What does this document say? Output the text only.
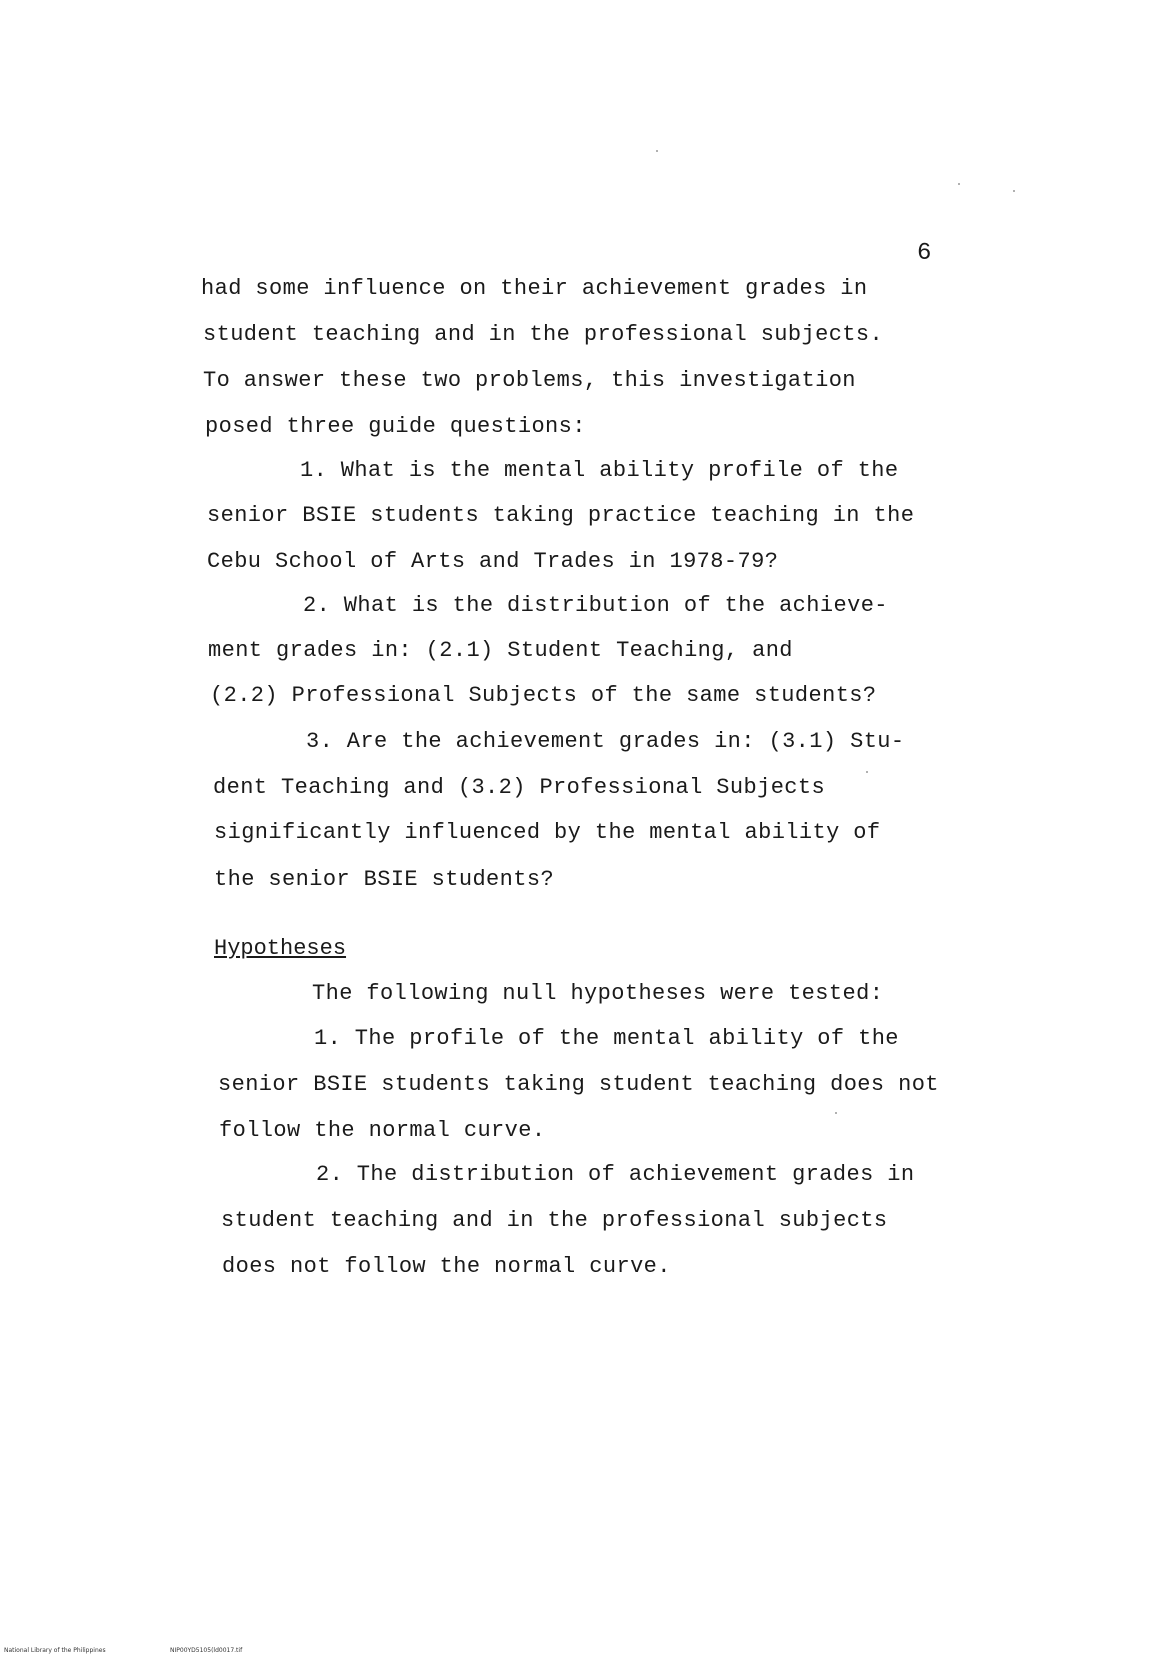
6
had some influence on their achievement grades in
student teaching and in the professional subjects.
To answer these two problems, this investigation
posed three guide questions:
1. What is the mental ability profile of the
senior BSIE students taking practice teaching in the
Cebu School of Arts and Trades in 1978-79?
2. What is the distribution of the achieve-
ment grades in: (2.1) Student Teaching, and
(2.2) Professional Subjects of the same students?
3. Are the achievement grades in: (3.1) Stu-
dent Teaching and (3.2) Professional Subjects
significantly influenced by the mental ability of
the senior BSIE students?
Hypotheses
The following null hypotheses were tested:
1. The profile of the mental ability of the
senior BSIE students taking student teaching does not
follow the normal curve.
2. The distribution of achievement grades in
student teaching and in the professional subjects
does not follow the normal curve.
National Library of the Philippines	NIP00YD5105(ld0017.tif
